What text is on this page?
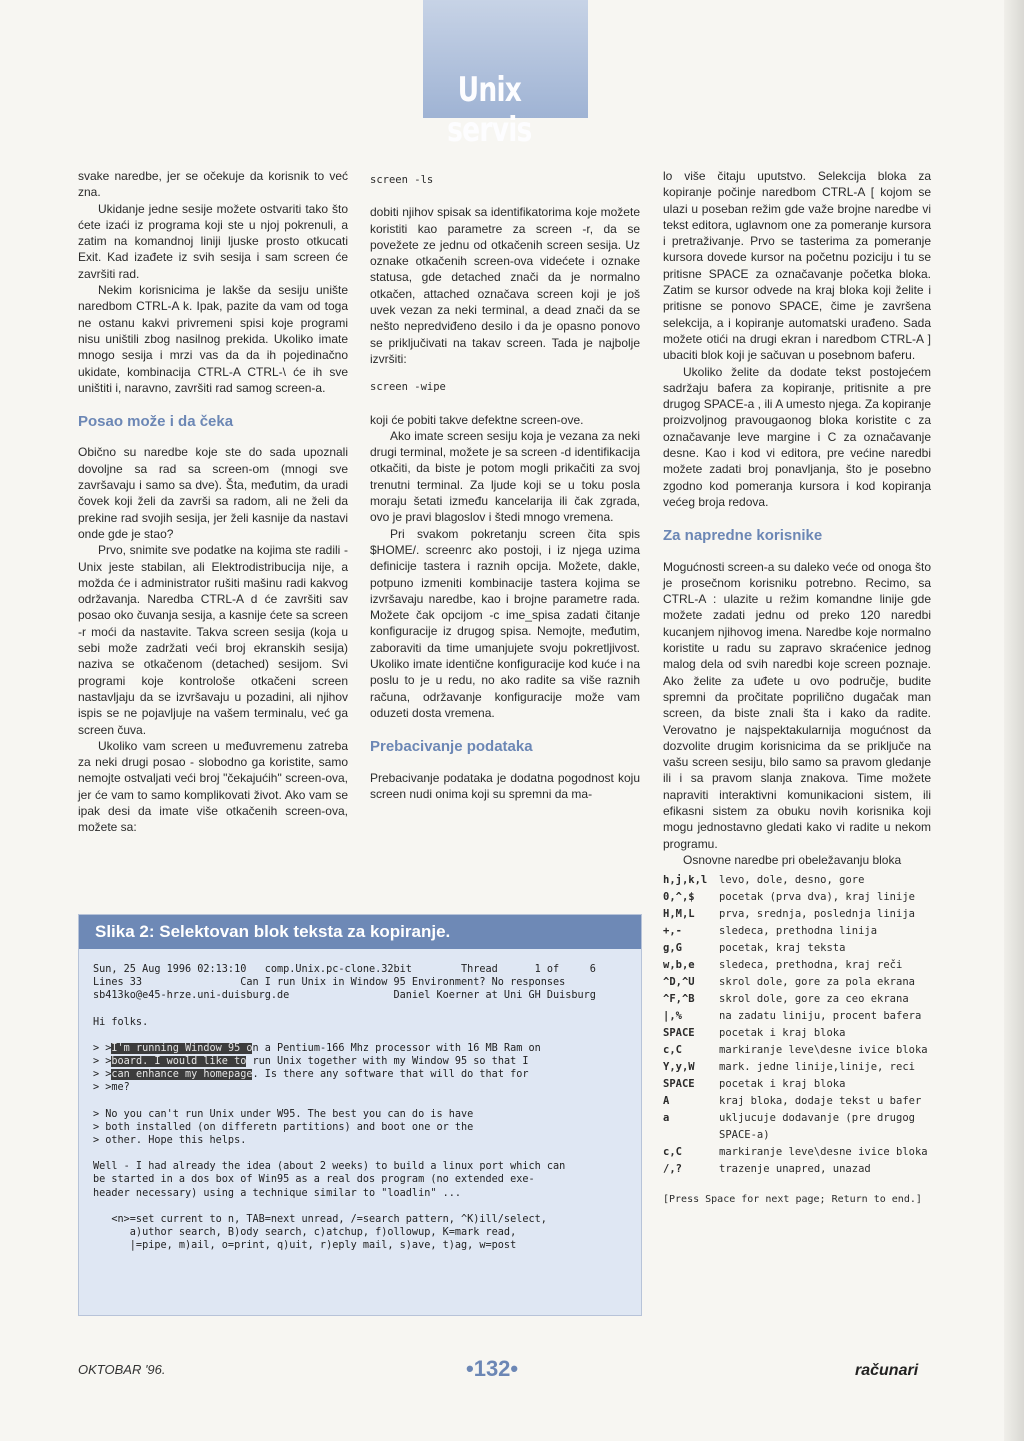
Unix servis

svake naredbe, jer se očekuje da korisnik to već zna.

Ukidanje jedne sesije možete ostvariti tako što ćete izaći iz programa koji ste u njoj pokrenuli, a zatim na komandnoj liniji ljuske prosto otkucati Exit. Kad izađete iz svih sesija i sam screen će završiti rad.

Nekim korisnicima je lakše da sesiju unište naredbom CTRL-A k. Ipak, pazite da vam od toga ne ostanu kakvi privremeni spisi koje programi nisu uništili zbog nasilnog prekida. Ukoliko imate mnogo sesija i mrzi vas da da ih pojedinačno ukidate, kombinacija CTRL-A CTRL-\ će ih sve uništiti i, naravno, završiti rad samog screen-a.

Posao može i da čeka

Obično su naredbe koje ste do sada upoznali dovoljne sa rad sa screen-om (mnogi sve završavaju i samo sa dve). Šta, međutim, da uradi čovek koji želi da završi sa radom, ali ne želi da prekine rad svojih sesija, jer želi kasnije da nastavi onde gde je stao?

Prvo, snimite sve podatke na kojima ste radili - Unix jeste stabilan, ali Elektrodistribucija nije, a možda će i administrator rušiti mašinu radi kakvog održavanja. Naredba CTRL-A d će završiti sav posao oko čuvanja sesija, a kasnije ćete sa screen -r moći da nastavite. Takva screen sesija (koja u sebi može zadržati veći broj ekranskih sesija) naziva se otkačenom (detached) sesijom. Svi programi koje kontrološe otkačeni screen nastavljaju da se izvršavaju u pozadini, ali njihov ispis se ne pojavljuje na vašem terminalu, već ga screen čuva.

Ukoliko vam screen u međuvremenu zatreba za neki drugi posao - slobodno ga koristite, samo nemojte ostvaljati veći broj "čekajućih" screen-ova, jer će vam to samo komplikovati život. Ako vam se ipak desi da imate više otkačenih screen-ova, možete sa:

screen -ls

dobiti njihov spisak sa identifikatorima koje možete koristiti kao parametre za screen -r, da se povežete ze jednu od otkačenih screen sesija. Uz oznake otkačenih screen-ova videćete i oznake statusa, gde detached znači da je normalno otkačen, attached označava screen koji je još uvek vezan za neki terminal, a dead znači da se nešto nepredviđeno desilo i da je opasno ponovo se priključivati na takav screen. Tada je najbolje izvršiti:

screen -wipe

koji će pobiti takve defektne screen-ove.

Ako imate screen sesiju koja je vezana za neki drugi terminal, možete je sa screen -d identifikacija otkačiti, da biste je potom mogli prikačiti za svoj trenutni terminal. Za ljude koji se u toku posla moraju šetati između kancelarija ili čak zgrada, ovo je pravi blagoslov i štedi mnogo vremena.

Pri svakom pokretanju screen čita spis $HOME/. screenrc ako postoji, i iz njega uzima definicije tastera i raznih opcija. Možete, dakle, potpuno izmeniti kombinacije tastera kojima se izvršavaju naredbe, kao i brojne parametre rada. Možete čak opcijom -c ime_spisa zadati čitanje konfiguracije iz drugog spisa. Nemojte, međutim, zaboraviti da time umanjujete svoju pokretljivost. Ukoliko imate identične konfiguracije kod kuće i na poslu to je u redu, no ako radite sa više raznih računa, održavanje konfiguracije može vam oduzeti dosta vremena.

Prebacivanje podataka

Prebacivanje podataka je dodatna pogodnost koju screen nudi onima koji su spremni da ma-

lo više čitaju uputstvo. Selekcija bloka za kopiranje počinje naredbom CTRL-A [ kojom se ulazi u poseban režim gde važe brojne naredbe vi tekst editora, uglavnom one za pomeranje kursora i pretraživanje. Prvo se tasterima za pomeranje kursora dovede kursor na početnu poziciju i tu se pritisne SPACE za označavanje početka bloka. Zatim se kursor odvede na kraj bloka koji želite i pritisne se ponovo SPACE, čime je završena selekcija, a i kopiranje automatski urađeno. Sada možete otići na drugi ekran i naredbom CTRL-A ] ubaciti blok koji je sačuvan u posebnom baferu.

Ukoliko želite da dodate tekst postojećem sadržaju bafera za kopiranje, pritisnite a pre drugog SPACE-a , ili A umesto njega. Za kopiranje proizvoljnog pravougaonog bloka koristite c za označavanje leve margine i C za označavanje desne. Kao i kod vi editora, pre većine naredbi možete zadati broj ponavljanja, što je posebno zgodno kod pomeranja kursora i kod kopiranja većeg broja redova.

Za napredne korisnike

Mogućnosti screen-a su daleko veće od onoga što je prosečnom korisniku potrebno. Recimo, sa CTRL-A : ulazite u režim komandne linije gde možete zadati jednu od preko 120 naredbi kucanjem njihovog imena. Naredbe koje normalno koristite u radu su zapravo skraćenice jednog malog dela od svih naredbi koje screen poznaje. Ako želite za uđete u ovo područje, budite spremni da pročitate poprilično dugačak man screen, da biste znali šta i kako da radite. Verovatno je najspektakularnija mogućnost da dozvolite drugim korisnicima da se priključe na vašu screen sesiju, bilo samo sa pravom gledanje ili i sa pravom slanja znakova. Time možete napraviti interaktivni komunikacioni sistem, ili efikasni sistem za obuku novih korisnika koji mogu jednostavno gledati kako vi radite u nekom programu.

Osnovne naredbe pri obeležavanju bloka

h,j,k,l	levo, dole, desno, gore
0,^,$	pocetak (prva dva), kraj linije
H,M,L	prva, srednja, poslednja linija
+,-	sledeca, prethodna linija
g,G	pocetak, kraj teksta
w,b,e	sledeca, prethodna, kraj reči
^D,^U	skrol dole, gore za pola ekrana
^F,^B	skrol dole, gore za ceo ekrana
|,%	na zadatu liniju, procent bafera
SPACE	pocetak i kraj bloka
c,C	markiranje leve\desne ivice bloka
Y,y,W	mark. jedne linije,linije, reci
SPACE	pocetak i kraj bloka
A	kraj bloka, dodaje tekst u bafer
a	ukljucuje dodavanje (pre drugog
SPACE-a)
c,C	markiranje leve\desne ivice bloka
/,?	trazenje unapred, unazad
[Press Space for next page; Return to end.]
Slika 2: Selektovan blok teksta za kopiranje.
Sun, 25 Aug 1996 02:13:10   comp.Unix.pc-clone.32bit        Thread      1 of     6
Lines 33                Can I run Unix in Window 95 Environment? No responses
sb413ko@e45-hrze.uni-duisburg.de                 Daniel Koerner at Uni GH Duisburg
Hi folks.
> >I'm running Window 95 on a Pentium-166 Mhz processor with 16 MB Ram on
> >board. I would like to run Unix together with my Window 95 so that I
> >can enhance my homepage. Is there any software that will do that for
> >me?
> No you can't run Unix under W95. The best you can do is have
> both installed (on differetn partitions) and boot one or the
> other. Hope this helps.
Well - I had already the idea (about 2 weeks) to build a linux port which can
be started in a dos box of Win95 as a real dos program (no extended exe-
header necessary) using a technique similar to "loadlin" ...
<n>=set current to n, TAB=next unread, /=search pattern, ^K)ill/select,
a)uthor search, B)ody search, c)atchup, f)ollowup, K=mark read,
|=pipe, m)ail, o=print, q)uit, r)eply mail, s)ave, t)ag, w=post
OKTOBAR '96.	•132•	računari
